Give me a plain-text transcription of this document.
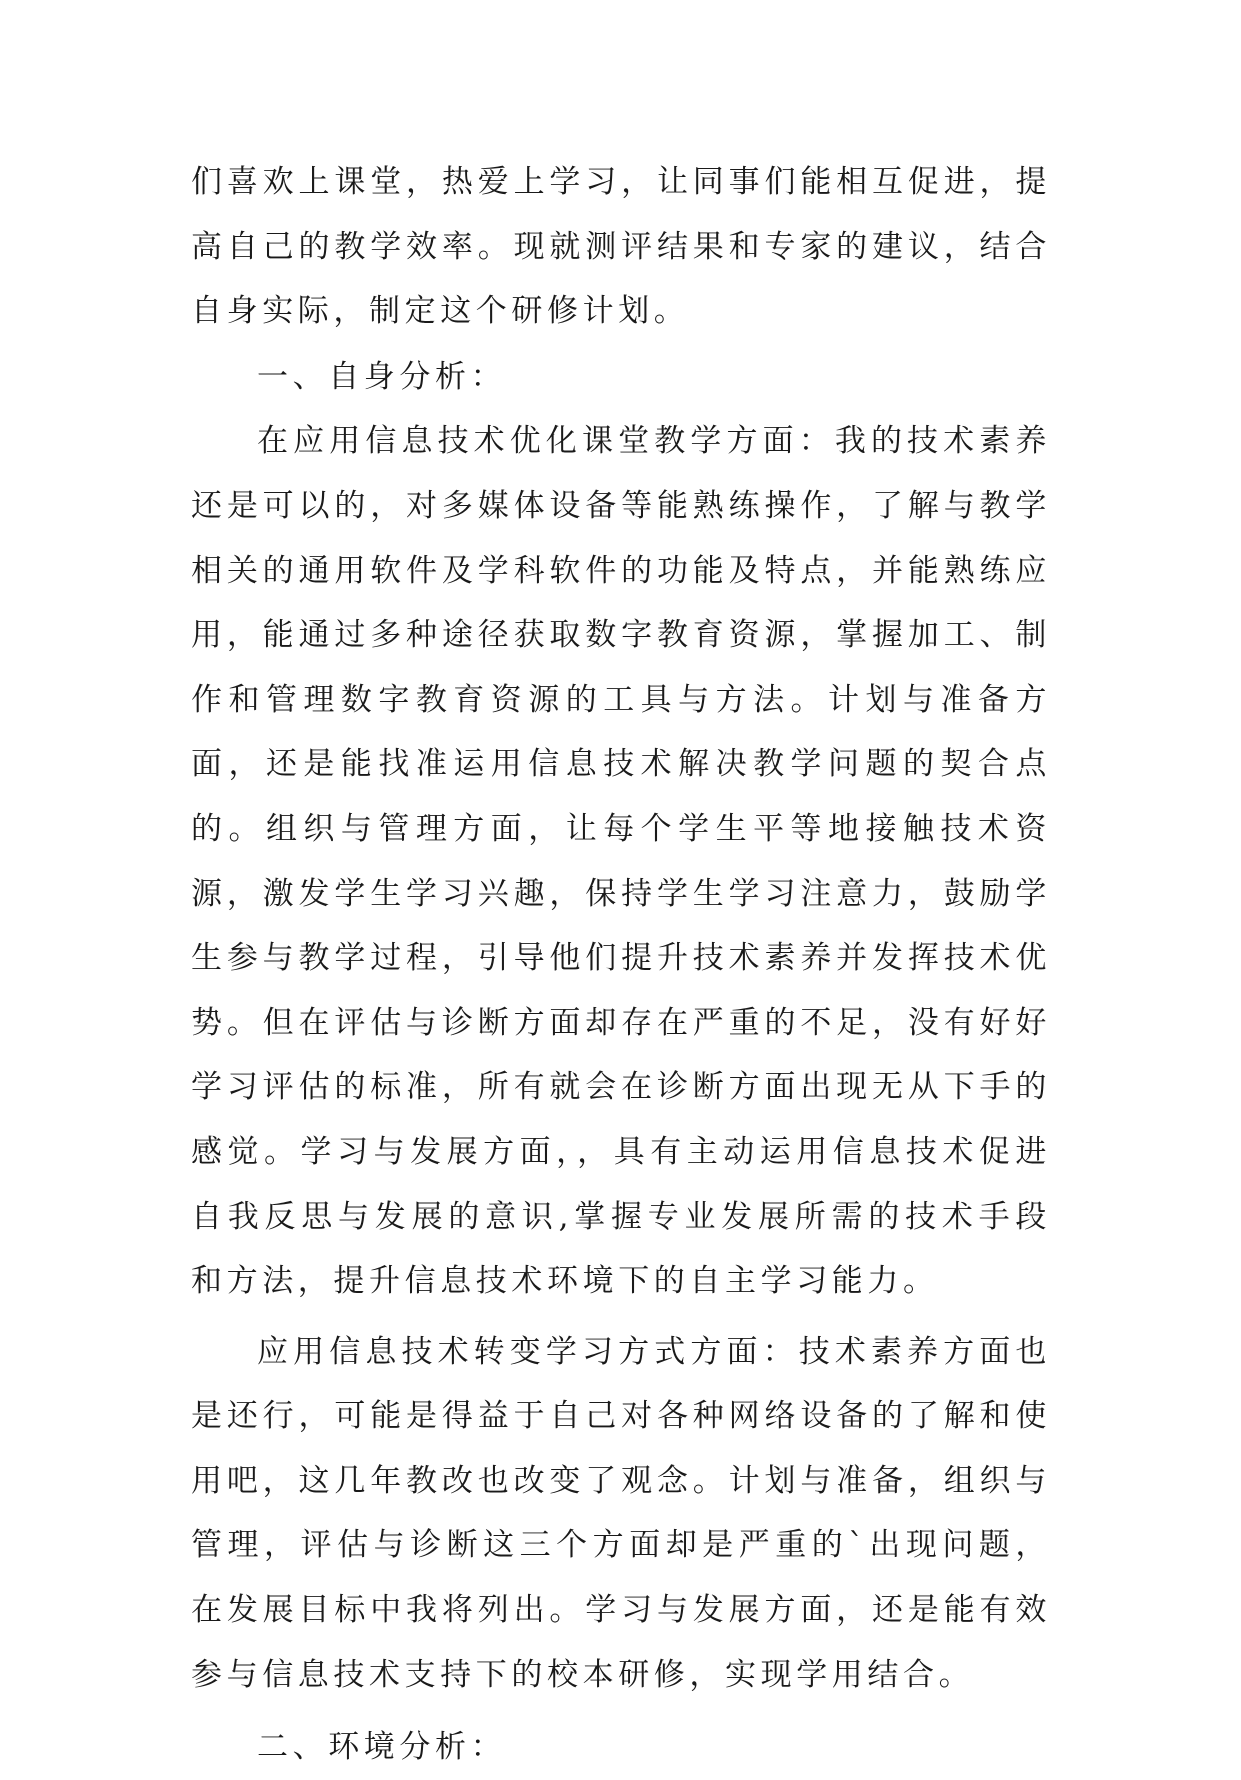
们喜欢上课堂，热爱上学习，让同事们能相互促进，提高自己的教学效率。现就测评结果和专家的建议，结合自身实际，制定这个研修计划。

一、自身分析：

在应用信息技术优化课堂教学方面：我的技术素养还是可以的，对多媒体设备等能熟练操作，了解与教学相关的通用软件及学科软件的功能及特点，并能熟练应用，能通过多种途径获取数字教育资源，掌握加工、制作和管理数字教育资源的工具与方法。计划与准备方面，还是能找准运用信息技术解决教学问题的契合点的。组织与管理方面，让每个学生平等地接触技术资源，激发学生学习兴趣，保持学生学习注意力，鼓励学生参与教学过程，引导他们提升技术素养并发挥技术优势。但在评估与诊断方面却存在严重的不足，没有好好学习评估的标准，所有就会在诊断方面出现无从下手的感觉。学习与发展方面，，具有主动运用信息技术促进自我反思与发展的意识,掌握专业发展所需的技术手段和方法，提升信息技术环境下的自主学习能力。

应用信息技术转变学习方式方面：技术素养方面也是还行，可能是得益于自己对各种网络设备的了解和使用吧，这几年教改也改变了观念。计划与准备，组织与管理，评估与诊断这三个方面却是严重的`出现问题，在发展目标中我将列出。学习与发展方面，还是能有效参与信息技术支持下的校本研修，实现学用结合。

二、环境分析：
